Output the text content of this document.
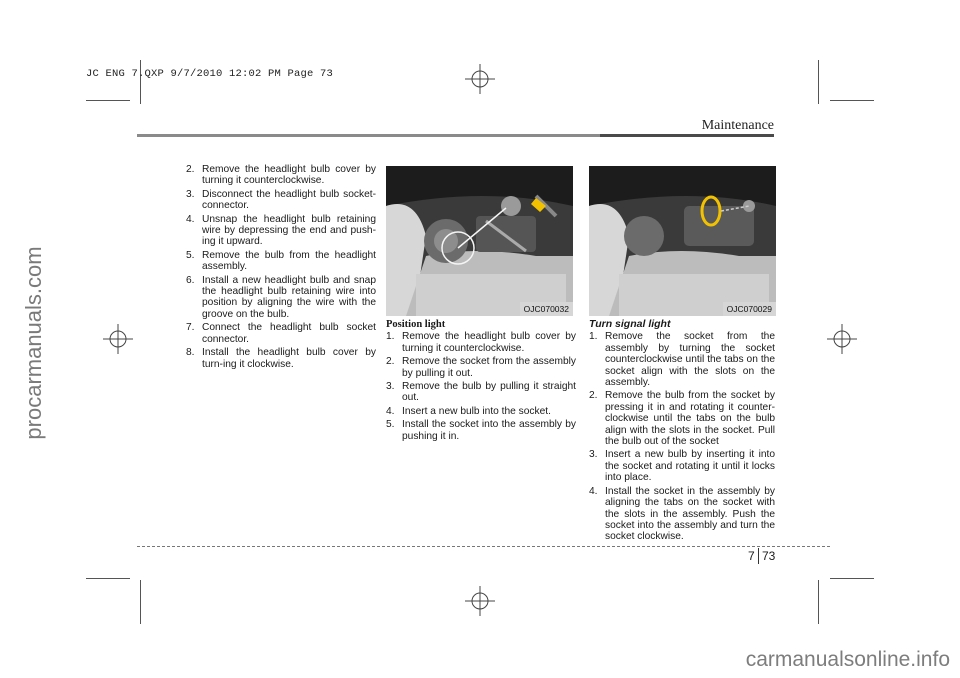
JC ENG 7.QXP 9/7/2010 12:02 PM Page 73
Maintenance
procarmanuals.com
2. Remove the headlight bulb cover by turning it counterclockwise.
3. Disconnect the headlight bulb socket-connector.
4. Unsnap the headlight bulb retaining wire by depressing the end and push-ing it upward.
5. Remove the bulb from the headlight assembly.
6. Install a new headlight bulb and snap the headlight bulb retaining wire into position by aligning the wire with the groove on the bulb.
7. Connect the headlight bulb socket connector.
8. Install the headlight bulb cover by turn-ing it clockwise.
OJC070032	OJC070029
Position light
1. Remove the headlight bulb cover by turning it counterclockwise.
2. Remove the socket from the assembly by pulling it out.
3. Remove the bulb by pulling it straight out.
4. Insert a new bulb into the socket.
5. Install the socket into the assembly by pushing it in.
Turn signal light
1. Remove the socket from the assembly by turning the socket counterclockwise until the tabs on the socket align with the slots on the assembly.
2. Remove the bulb from the socket by pressing it in and rotating it counter-clockwise until the tabs on the bulb align with the slots in the socket. Pull the bulb out of the socket
3. Insert a new bulb by inserting it into the socket and rotating it until it locks into place.
4. Install the socket in the assembly by aligning the tabs on the socket with the slots in the assembly. Push the socket into the assembly and turn the socket clockwise.
7 73
carmanualsonline.info
